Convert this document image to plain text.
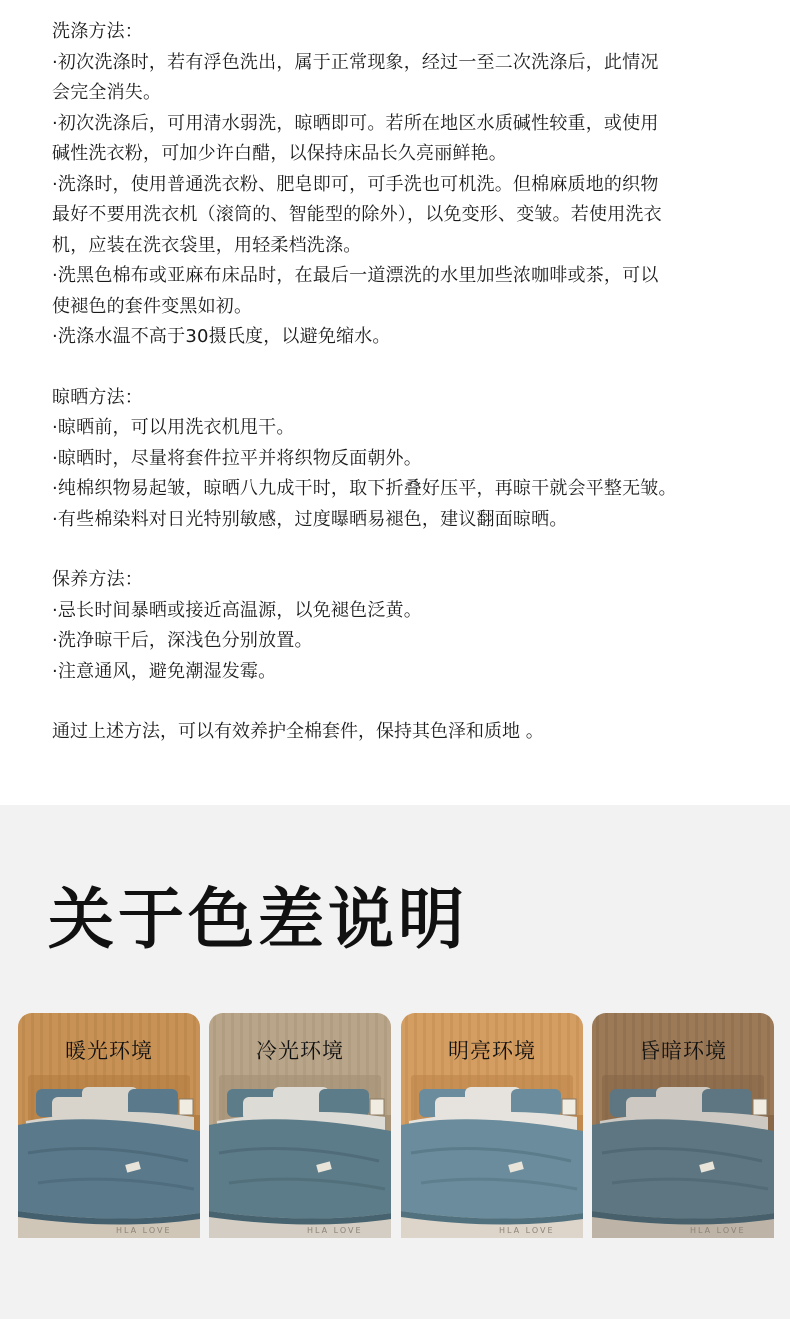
洗涤方法：
·初次洗涤时，若有浮色洗出，属于正常现象，经过一至二次洗涤后，此情况
会完全消失。
·初次洗涤后，可用清水弱洗，晾晒即可。若所在地区水质碱性较重，或使用
碱性洗衣粉，可加少许白醋，以保持床品长久亮丽鲜艳。
·洗涤时，使用普通洗衣粉、肥皂即可，可手洗也可机洗。但棉麻质地的织物
最好不要用洗衣机（滚筒的、智能型的除外），以免变形、变皱。若使用洗衣
机，应装在洗衣袋里，用轻柔档洗涤。
·洗黑色棉布或亚麻布床品时，在最后一道漂洗的水里加些浓咖啡或茶，可以
使褪色的套件变黑如初。
·洗涤水温不高于30摄氏度，以避免缩水。
晾晒方法：
·晾晒前，可以用洗衣机甩干。
·晾晒时，尽量将套件拉平并将织物反面朝外。
·纯棉织物易起皱，晾晒八九成干时，取下折叠好压平，再晾干就会平整无皱。
·有些棉染料对日光特别敏感，过度曝晒易褪色，建议翻面晾晒。
保养方法：
·忌长时间暴晒或接近高温源，以免褪色泛黄。
·洗净晾干后，深浅色分别放置。
·注意通风，避免潮湿发霉。
通过上述方法，可以有效养护全棉套件，保持其色泽和质地 。
关于色差说明
HLA LOVE
暖光环境
HLA LOVE
冷光环境
HLA LOVE
明亮环境
HLA LOVE
昏暗环境
